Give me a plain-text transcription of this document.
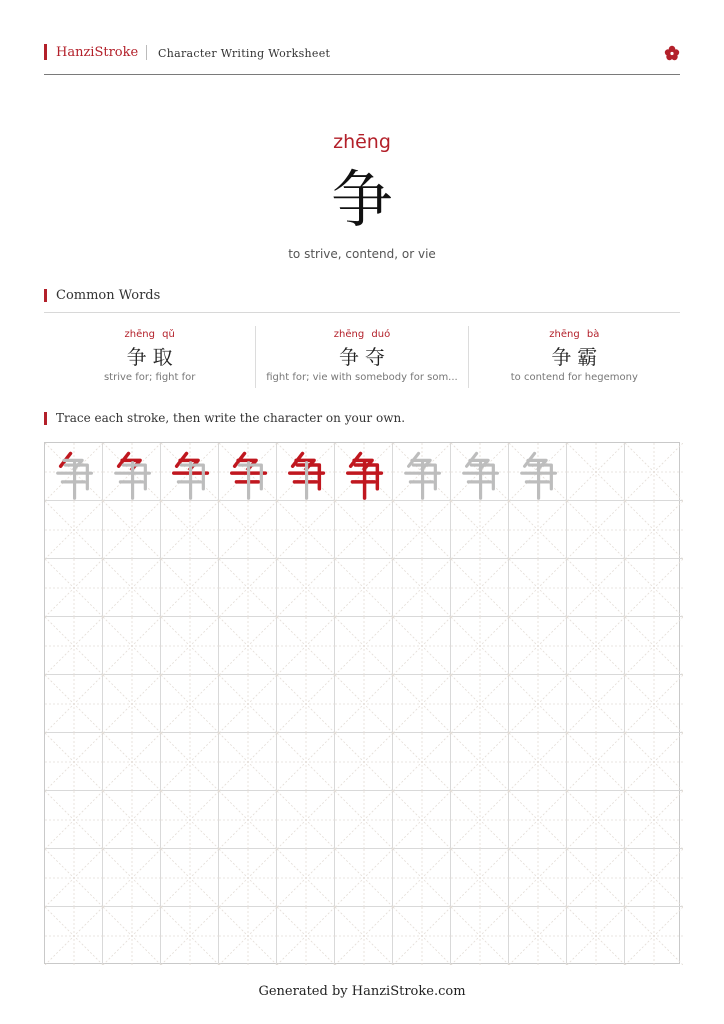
HanziStroke Character Writing Worksheet
zhēng
争
to strive, contend, or vie
Common Words
zhēng qǔ
争取
strive for; fight for
zhēng duó
争夺
fight for; vie with somebody for som...
zhēng bà
争霸
to contend for hegemony
Trace each stroke, then write the character on your own.
Generated by HanziStroke.com
